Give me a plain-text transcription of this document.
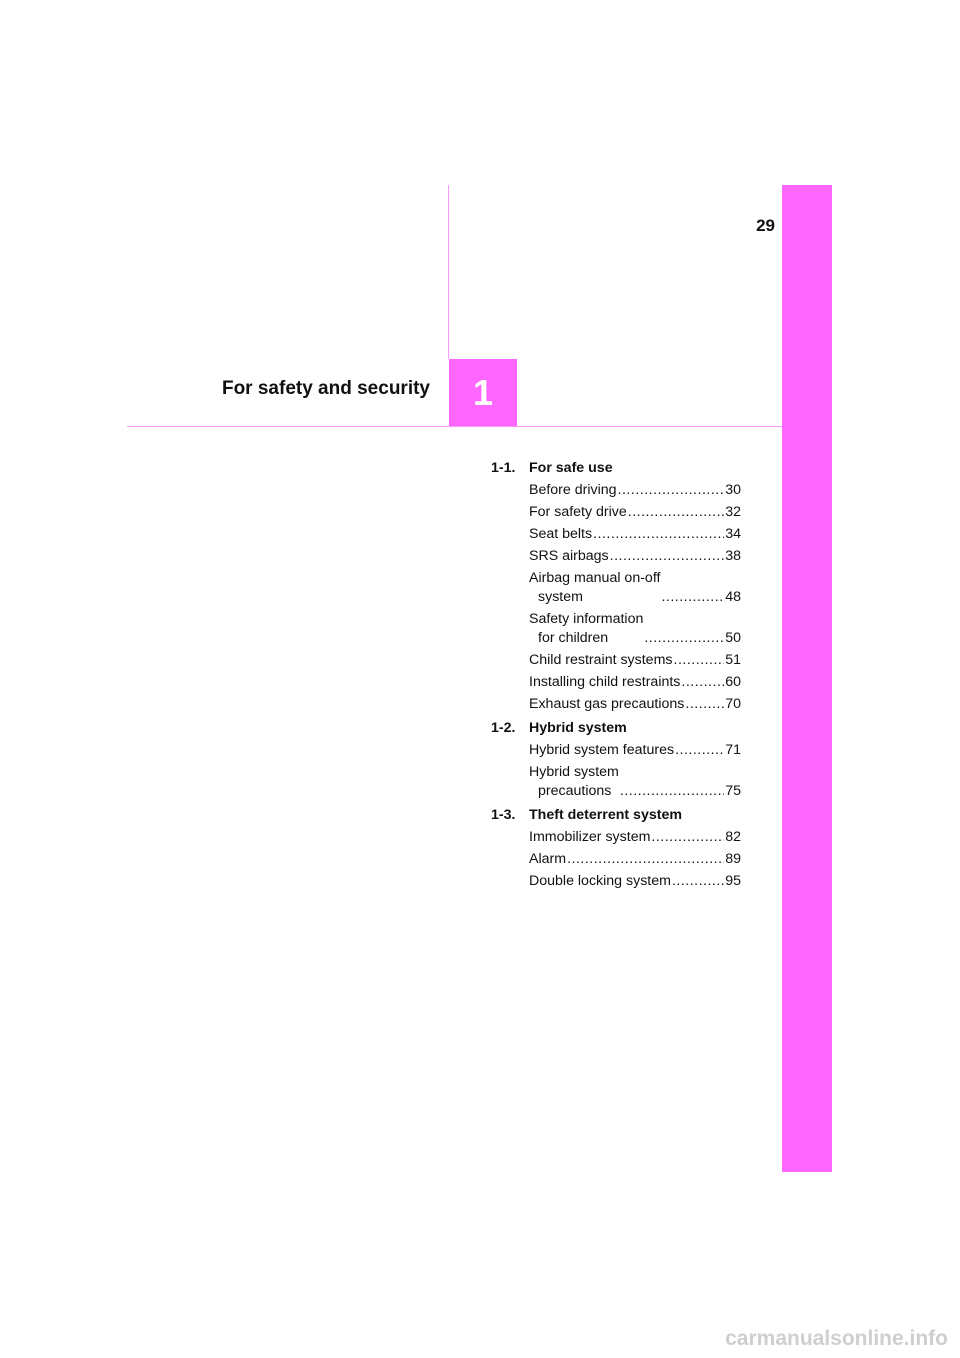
29
For safety and security 1
1-1. For safe use
Before driving .....	30
For safety drive .....	32
Seat belts .....	34
SRS airbags .....	38
Airbag manual on-off
system .....	48
Safety information
for children .....	50
Child restraint systems .....	51
Installing child restraints .....	60
Exhaust gas precautions .....	70
1-2. Hybrid system
Hybrid system features .....	71
Hybrid system
precautions .....	75
1-3. Theft deterrent system
Immobilizer system .....	82
Alarm .....	89
Double locking system .....	95
carmanualsonline.info
